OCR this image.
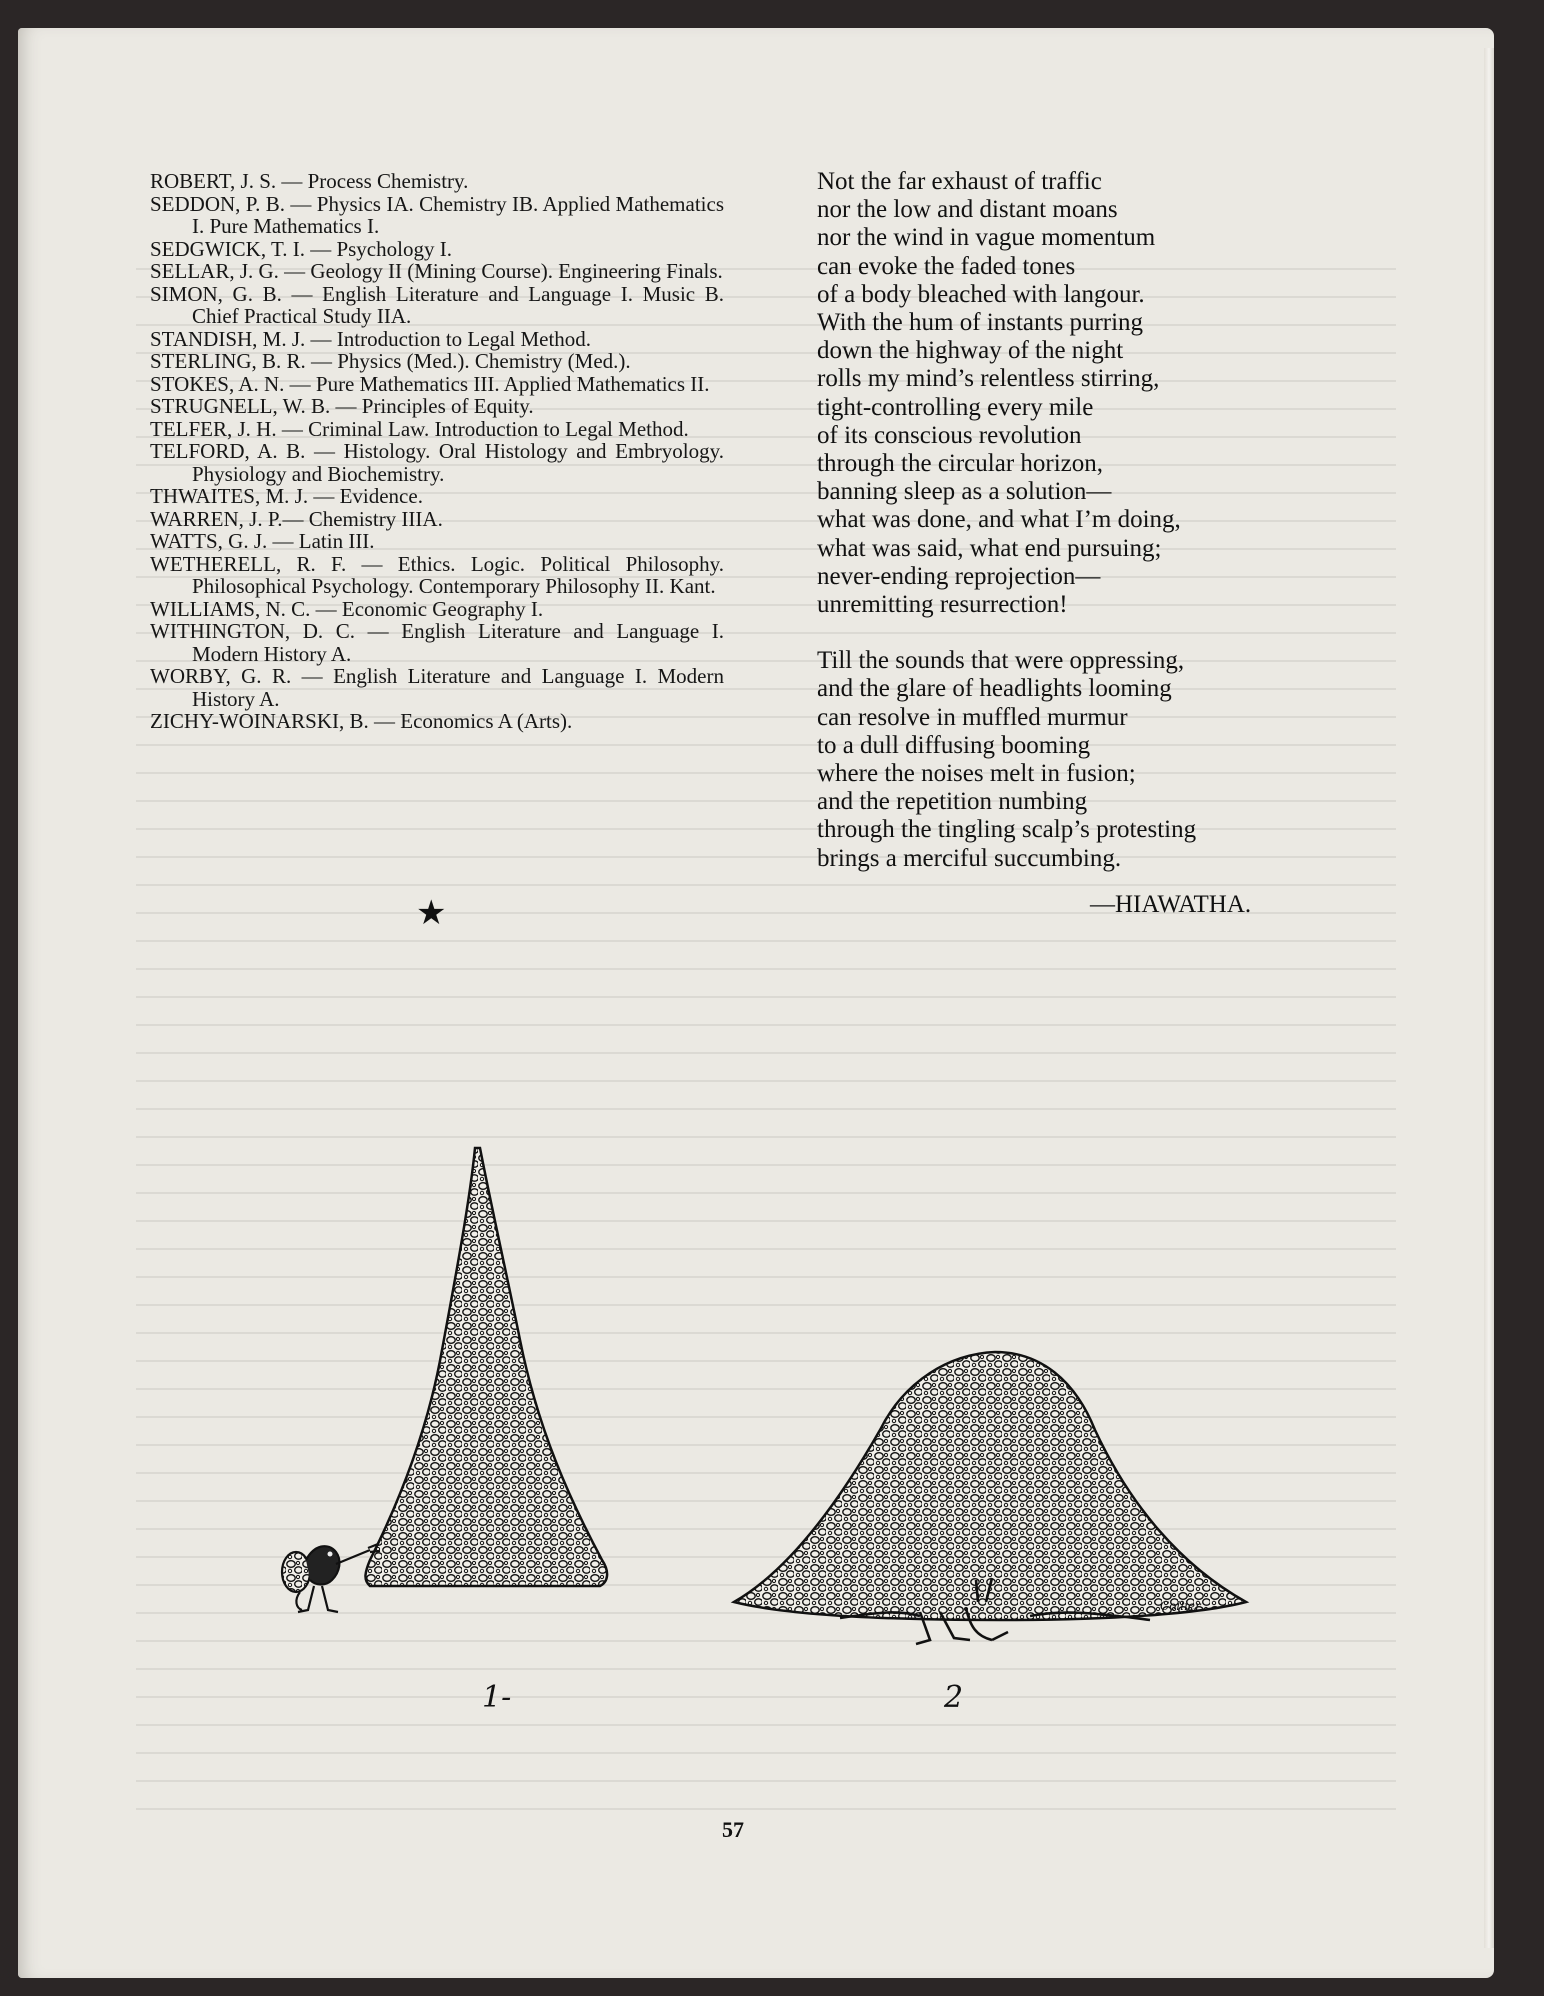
ROBERT, J. S. — Process Chemistry.
SEDDON, P. B. — Physics IA. Chemistry IB. Applied Mathematics I. Pure Mathematics I.
SEDGWICK, T. I. — Psychology I.
SELLAR, J. G. — Geology II (Mining Course). Engineering Finals.
SIMON, G. B. — English Literature and Language I. Music B. Chief Practical Study IIA.
STANDISH, M. J. — Introduction to Legal Method.
STERLING, B. R. — Physics (Med.). Chemistry (Med.).
STOKES, A. N. — Pure Mathematics III. Applied Mathematics II.
STRUGNELL, W. B. — Principles of Equity.
TELFER, J. H. — Criminal Law. Introduction to Legal Method.
TELFORD, A. B. — Histology. Oral Histology and Embryology. Physiology and Biochemistry.
THWAITES, M. J. — Evidence.
WARREN, J. P.— Chemistry IIIA.
WATTS, G. J. — Latin III.
WETHERELL, R. F. — Ethics. Logic. Political Philosophy. Philosophical Psychology. Contemporary Philosophy II. Kant.
WILLIAMS, N. C. — Economic Geography I.
WITHINGTON, D. C. — English Literature and Language I. Modern History A.
WORBY, G. R. — English Literature and Language I. Modern History A.
ZICHY-WOINARSKI, B. — Economics A (Arts).
★
Not the far exhaust of traffic
nor the low and distant moans
nor the wind in vague momentum
can evoke the faded tones
of a body bleached with langour.
With the hum of instants purring
down the highway of the night
rolls my mind’s relentless stirring,
tight-controlling every mile
of its conscious revolution
through the circular horizon,
banning sleep as a solution—
what was done, and what I’m doing,
what was said, what end pursuing;
never-ending reprojection—
unremitting resurrection!
Till the sounds that were oppressing,
and the glare of headlights looming
can resolve in muffled murmur
to a dull diffusing booming
where the noises melt in fusion;
and the repetition numbing
through the tingling scalp’s protesting
brings a merciful succumbing.
—HIAWATHA.
1-
Collier
2
57
